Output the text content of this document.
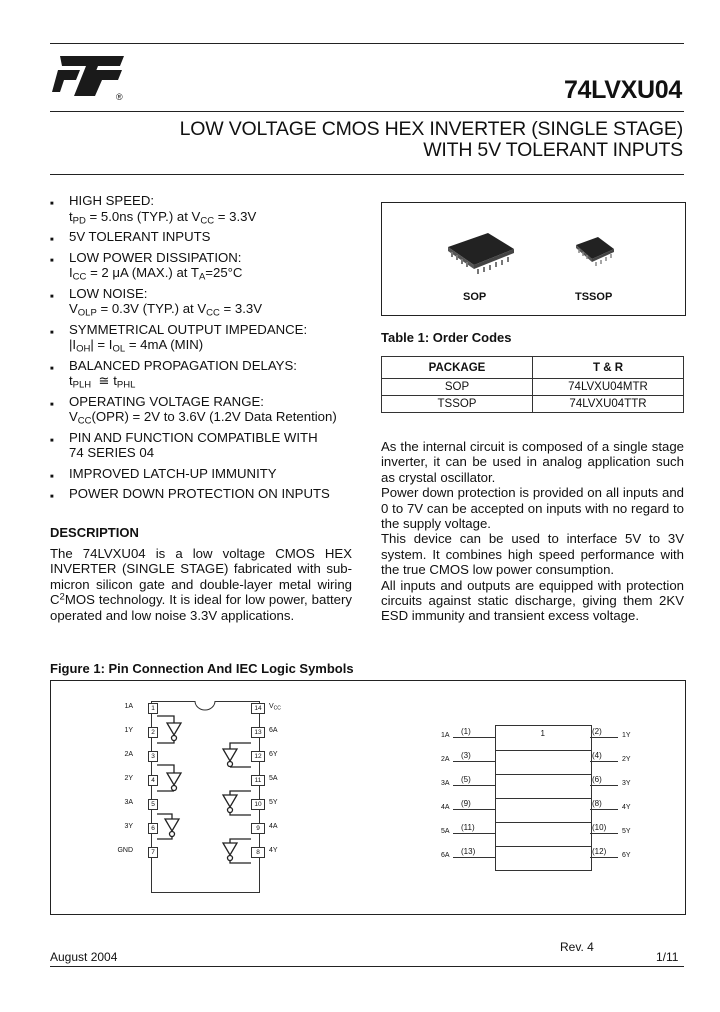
®	74LVXU04
LOW VOLTAGE CMOS HEX INVERTER (SINGLE STAGE)
WITH 5V TOLERANT INPUTS
■ HIGH SPEED:
$t_{PD} = 5.0ns$ (TYP.) at $V_{CC} = 3.3V$
■ 5V TOLERANT INPUTS
■ LOW POWER DISSIPATION:
$I_{CC} = 2$ μA (MAX.) at $T_A=25^\circ C$
■ LOW NOISE:
$V_{OLP} = 0.3V$ (TYP.) at $V_{CC} = 3.3V$
■ SYMMETRICAL OUTPUT IMPEDANCE:
$|I_{OH}| = I_{OL} = 4mA$ (MIN)
■ BALANCED PROPAGATION DELAYS:
$t_{PLH}$  ≅ $t_{PHL}$
■ OPERATING VOLTAGE RANGE:
$V_{CC}(OPR) = 2V$ to 3.6V (1.2V Data Retention)
■ PIN AND FUNCTION COMPATIBLE WITH
74 SERIES 04
■ IMPROVED LATCH-UP IMMUNITY
■ POWER DOWN PROTECTION ON INPUTS
DESCRIPTION
The 74LVXU04 is a low voltage CMOS HEX INVERTER (SINGLE STAGE) fabricated with sub-micron silicon gate and double-layer metal wiring $C^2MOS$ technology. It is ideal for low power, battery operated and low noise 3.3V applications.
SOP	TSSOP
Table 1: Order Codes
PACKAGE	T & R
SOP	74LVXU04MTR
TSSOP	74LVXU04TTR

As the internal circuit is composed of a single stage inverter, it can be used in analog application such as crystal oscillator.

Power down protection is provided on all inputs and 0 to 7V can be accepted on inputs with no regard to the supply voltage.

This device can be used to interface 5V to 3V system. It combines high speed performance with the true CMOS low power consumption.

All inputs and outputs are equipped with protection circuits against static discharge, giving them 2KV ESD immunity and transient excess voltage.

Figure 1: Pin Connection And IEC Logic Symbols
1
1A (1)
2A (3)
3A (5)
4A (9)
5A (11)
6A (13)
(2)	1Y
(4)	2Y
(6)	3Y
(8)	4Y
(10) 5Y
(12) 6Y
1A	1
1Y	2
2A	3
2Y	4
3A	5
3Y	6
GND	7
14	$V_{CC}$
13	6A
12	6Y
11	5A
10	5Y
9	4A
8	4Y
August 2004
Rev. 4
1/11
